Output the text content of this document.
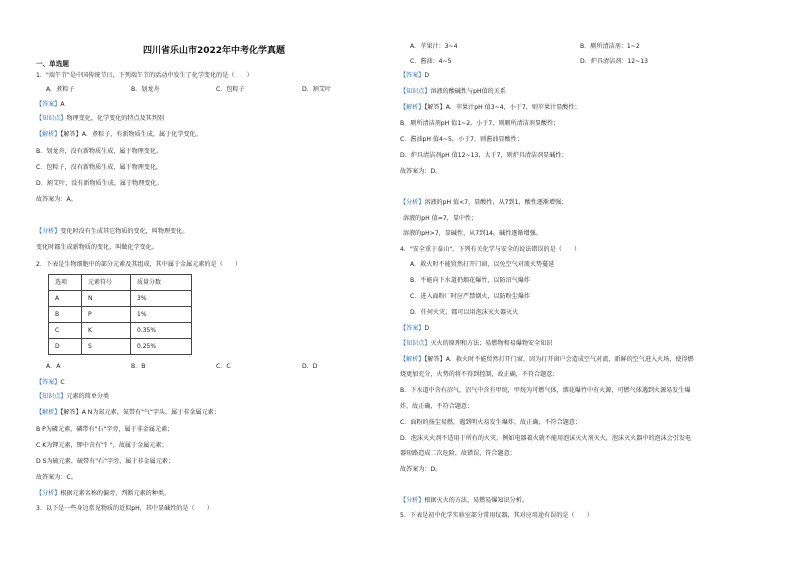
四川省乐山市2022年中考化学真题
一、单选题
1．"端午节"是中国传统节日，下列端午节的活动中发生了化学变化的是（　　）
A．煮粽子	B．划龙舟	C．包粽子	D．割艾叶
【答案】A
【知识点】物理变化、化学变化的特点及其判别
【解析】【解答】A．煮粽子，有新物质生成，属于化学变化。
B．划龙舟，没有新物质生成，属于物理变化。
C．包粽子，没有新物质生成，属于物理变化。
D．割艾叶，没有新物质生成，属于物理变化。
故答案为：A。
【分析】变化时没有生成其它物质的变化，叫物理变化。
变化时都生成新物质的变化，叫做化学变化。
2．下表是生物细胞中的部分元素及其组成，其中属于金属元素的是（　　）
选项	元素符号	质量分数
A	N	3%
B	P	1%
C	K	0.35%
D	S	0.25%
A．A	B．B	C．C	D．D
【答案】C
【知识点】元素的简单分类
【解析】【解答】A N为氮元素，氮带有"气"字头，属于非金属元素；
B P为磷元素，磷带有"石"字旁，属于非金属元素；
C K为钾元素，钾中含有"钅"，故属于金属元素；
D S为硫元素，硫带有"石"字旁，属于非金属元素；
故答案为：C。
【分析】根据元素名称的偏旁，判断元素的种类。
3．以下是一些身边常见物质的近似pH，其中显碱性的是（　　）
A．苹果汁：3~4	B．厕所清洁剂：1~2
C．酱油：4~5	D．炉具清洁剂：12~13
【答案】D
【知识点】溶液的酸碱性与pH值的关系
【解析】【解答】A．苹果汁pH 值3~4，小于7，则苹果汁显酸性；
B．厕所清洁剂pH 值1~2，小于7，则厕所清洁剂显酸性；
C．酱油pH 值4~5，小于7，则酱油显酸性；
D．炉具清洁剂pH 值12~13，大于7，则炉具清洁剂显碱性；
故答案为：D。
【分析】溶液的pH 值<7，显酸性，从7到1，酸性逐渐增强；
溶液的pH 值=7，显中性；
溶液的pH>7，显碱性，从7到14，碱性逐渐增强。
4．"安全重于泰山"，下列有关化学与安全的说法错误的是（　　）
A．救火时不能贸然打开门窗，以免空气对流火势蔓延
B．不能向下水道扔烟花爆竹，以防沼气爆炸
C．进入面粉厂时应严禁烟火，以防粉尘爆炸
D．任何火灾，都可以用泡沫灭火器灭火
【答案】D
【知识点】灭火的原理和方法；易燃物和易爆物安全知识
【解析】【解答】A．救火时不能贸然打开门窗，因为打开窗户会造成空气对流，新鲜的空气进入火场，使得燃
烧更加充分，火势的将不得到控制，故正确，不符合题意；
B．下水道中含有沼气，沼气中含有甲烷，甲烷为可燃气体，烟花爆竹中有火源，可燃气体遇到火源易发生爆
炸，故正确，不符合题意；
C．面粉的扬尘易燃，遇到明火易发生爆炸，故正确，不符合题意；
D．泡沫灭火剂不适用于所有的火灾，例如电器着火就不能用泡沫灭火剂灭火，泡沫灭火器中的泡沫会引发电
器短路造成二次危险，故错误，符合题意；
故答案为：D。
【分析】根据灭火的方法，易燃易爆知识分析。
5．下表是初中化学实验室部分常用仪器，其对应用途有误的是（　　）
